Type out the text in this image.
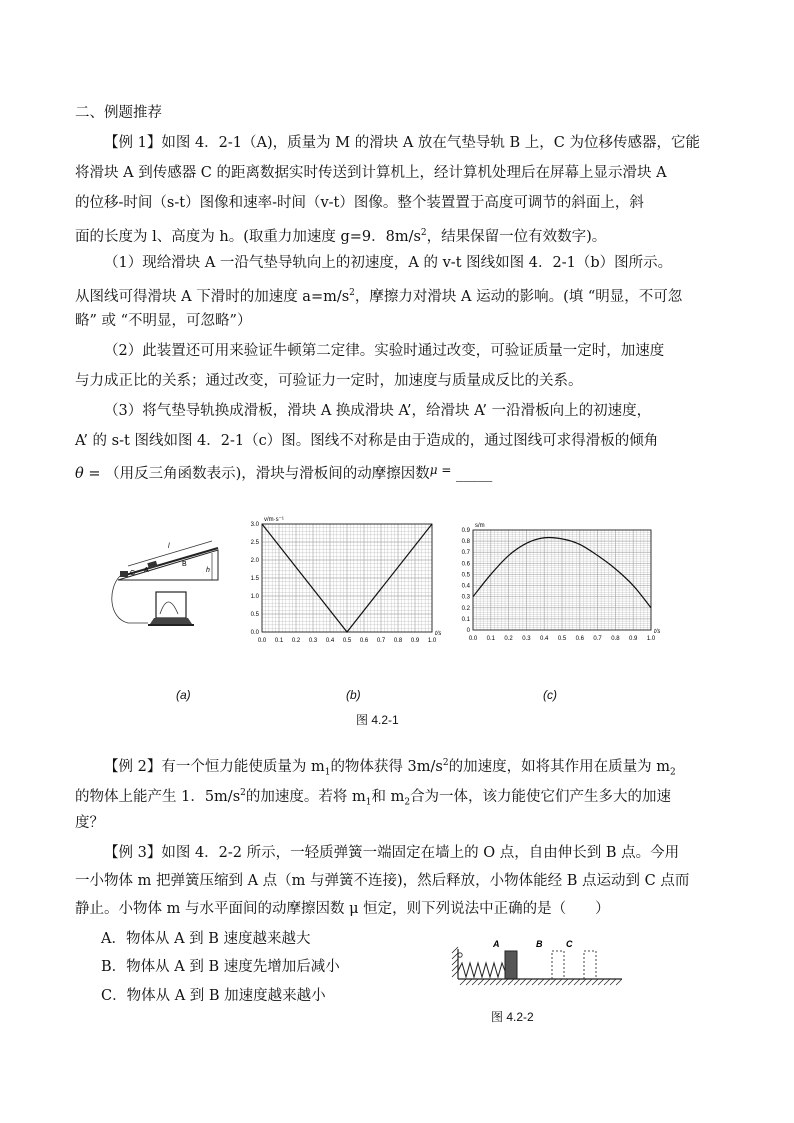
二、例题推荐
【例 1】如图 4．2-1（A)，质量为 M 的滑块 A 放在气垫导轨 B 上，C 为位移传感器，它能
将滑块 A 到传感器 C 的距离数据实时传送到计算机上，经计算机处理后在屏幕上显示滑块 A
的位移-时间（s-t）图像和速率-时间（v-t）图像。整个装置置于高度可调节的斜面上，斜
面的长度为 l、高度为 h。(取重力加速度 g=9．$8m/s^2$，结果保留一位有效数字)。
（1）现给滑块 A 一沿气垫导轨向上的初速度，A 的 v-t 图线如图 4．2-1（b）图所示。
从图线可得滑块 A 下滑时的加速度 $a=m/s^2$，摩擦力对滑块 A 运动的影响。(填 “明显，不可忽
略” 或 “不明显，可忽略”）
（2）此装置还可用来验证牛顿第二定律。实验时通过改变，可验证质量一定时，加速度
与力成正比的关系；通过改变，可验证力一定时，加速度与质量成反比的关系。
（3）将气垫导轨换成滑板，滑块 A 换成滑块 A’，给滑块 A’ 一沿滑板向上的初速度，
A’ 的 s-t 图线如图 4．2-1（c）图。图线不对称是由于造成的，通过图线可求得滑板的倾角
θ = （用反三角函数表示)，滑块与滑板间的动摩擦因数$^{\mu =}$ _____
l
h
C A
B
0.0 0.1 0.2 0.3 0.4 0.5 0.6 0.7 0.8 0.9 1.0
0.0
0.5
1.0
1.5
2.0
2.5
3.0
v/m·s⁻¹
t/s
0.0 0.1 0.2 0.3 0.4 0.5 0.6 0.7 0.8 0.9 1.0
0
0.1
0.2
0.3
0.4
0.5
0.6
0.7
0.8
0.9
s/m
t/s
(a)	(b)	(c)
图 4.2-1
【例 2】有一个恒力能使质量为 $m_1$的物体获得 $3m/s^2$的加速度，如将其作用在质量为 $m_2$
的物体上能产生 1．$5m/s^2$的加速度。若将 $m_1$和 $m_2$合为一体，该力能使它们产生多大的加速
度？
【例 3】如图 4．2-2 所示，一轻质弹簧一端固定在墙上的 O 点，自由伸长到 B 点。今用
一小物体 m 把弹簧压缩到 A 点（m 与弹簧不连接)，然后释放，小物体能经 B 点运动到 C 点而
静止。小物体 m 与水平面间的动摩擦因数 μ 恒定，则下列说法中正确的是（　　）
A．物体从 A 到 B 速度越来越大
B．物体从 A 到 B 速度先增加后减小
C．物体从 A 到 B 加速度越来越小
A	B	C
图 4.2-2
